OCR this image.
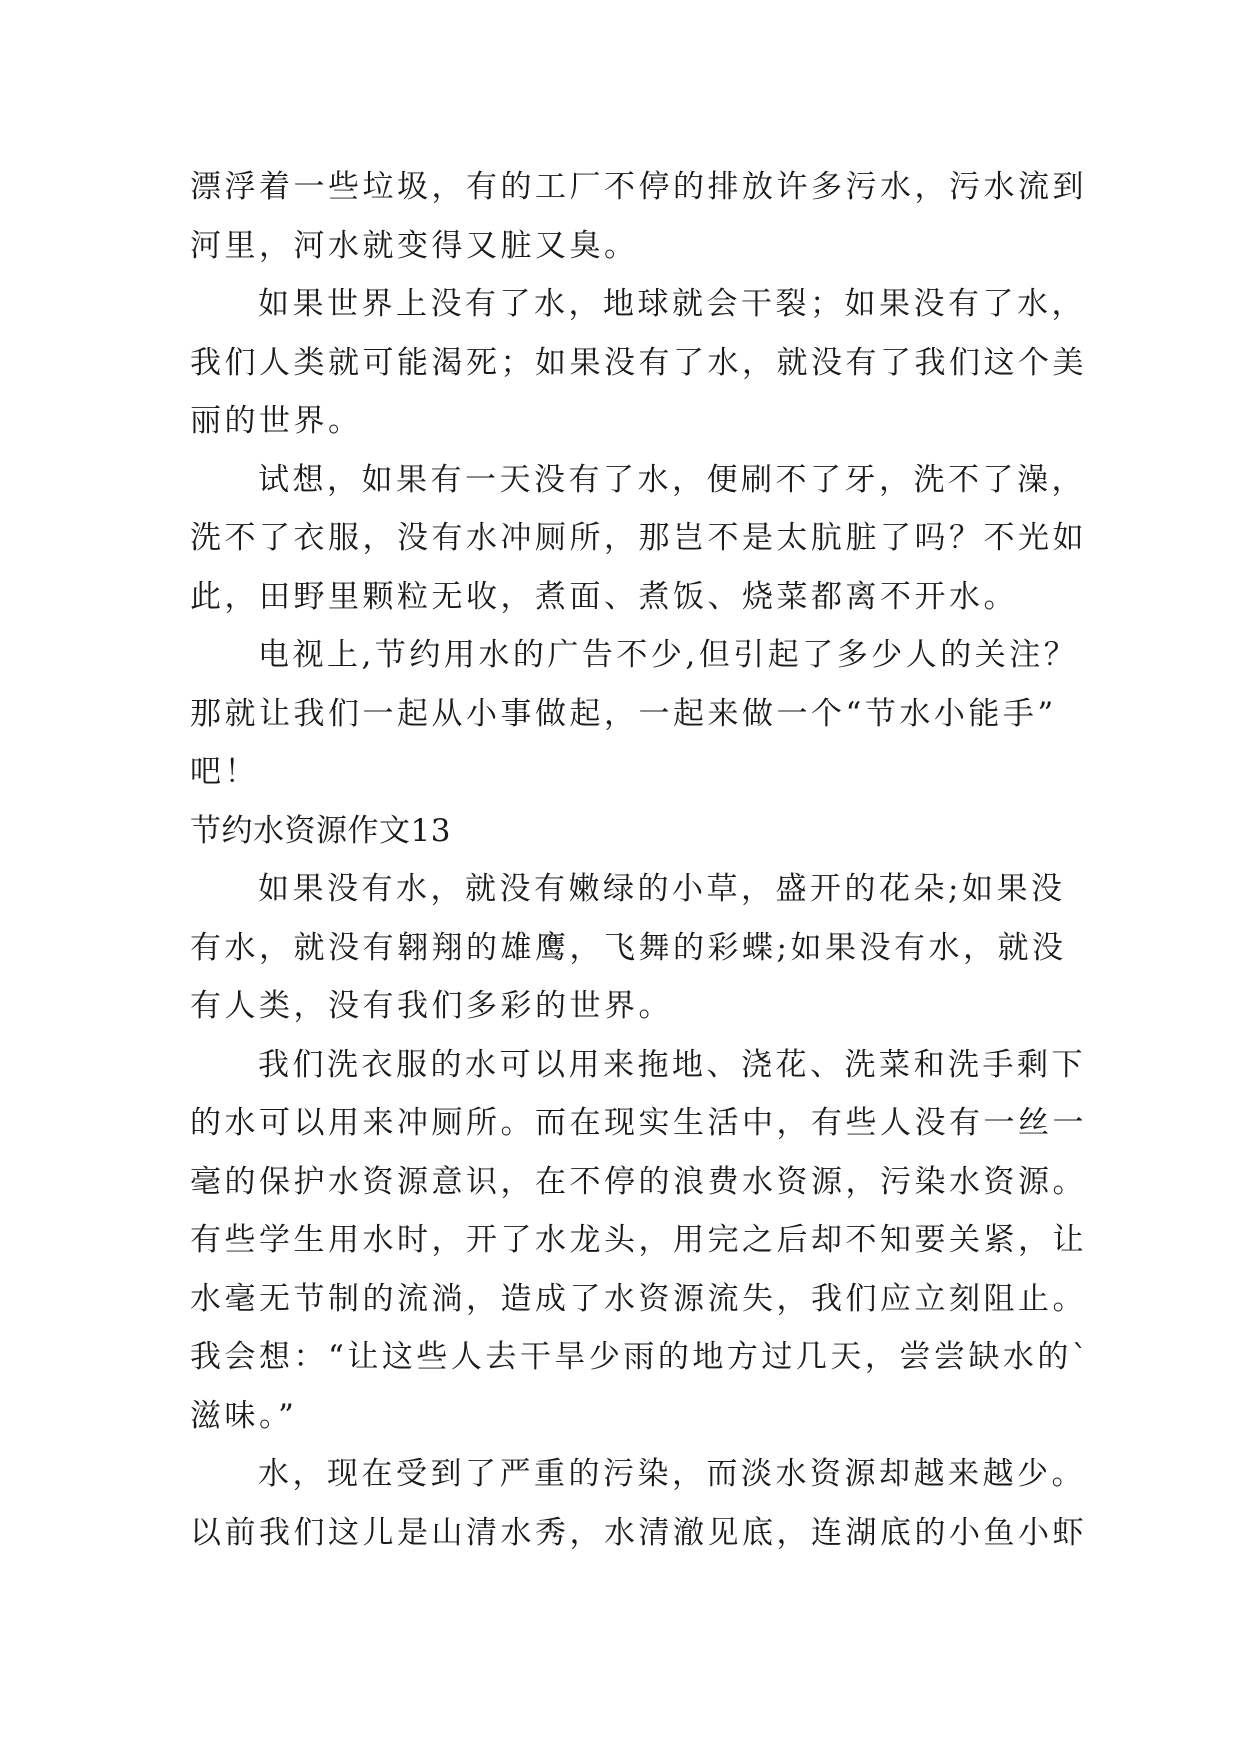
漂浮着一些垃圾，有的工厂不停的排放许多污水，污水流到
河里，河水就变得又脏又臭。
如果世界上没有了水，地球就会干裂；如果没有了水，
我们人类就可能渴死；如果没有了水，就没有了我们这个美
丽的世界。
试想，如果有一天没有了水，便刷不了牙，洗不了澡，
洗不了衣服，没有水冲厕所，那岂不是太肮脏了吗？不光如
此，田野里颗粒无收，煮面、煮饭、烧菜都离不开水。
电视上,节约用水的广告不少,但引起了多少人的关注？
那就让我们一起从小事做起，一起来做一个“节水小能手”
吧！
节约水资源作文13
如果没有水，就没有嫩绿的小草，盛开的花朵;如果没
有水，就没有翱翔的雄鹰，飞舞的彩蝶;如果没有水，就没
有人类，没有我们多彩的世界。
我们洗衣服的水可以用来拖地、浇花、洗菜和洗手剩下
的水可以用来冲厕所。而在现实生活中，有些人没有一丝一
毫的保护水资源意识，在不停的浪费水资源，污染水资源。
有些学生用水时，开了水龙头，用完之后却不知要关紧，让
水毫无节制的流淌，造成了水资源流失，我们应立刻阻止。
我会想：“让这些人去干旱少雨的地方过几天，尝尝缺水的`
滋味。”
水，现在受到了严重的污染，而淡水资源却越来越少。
以前我们这儿是山清水秀，水清澈见底，连湖底的小鱼小虾
